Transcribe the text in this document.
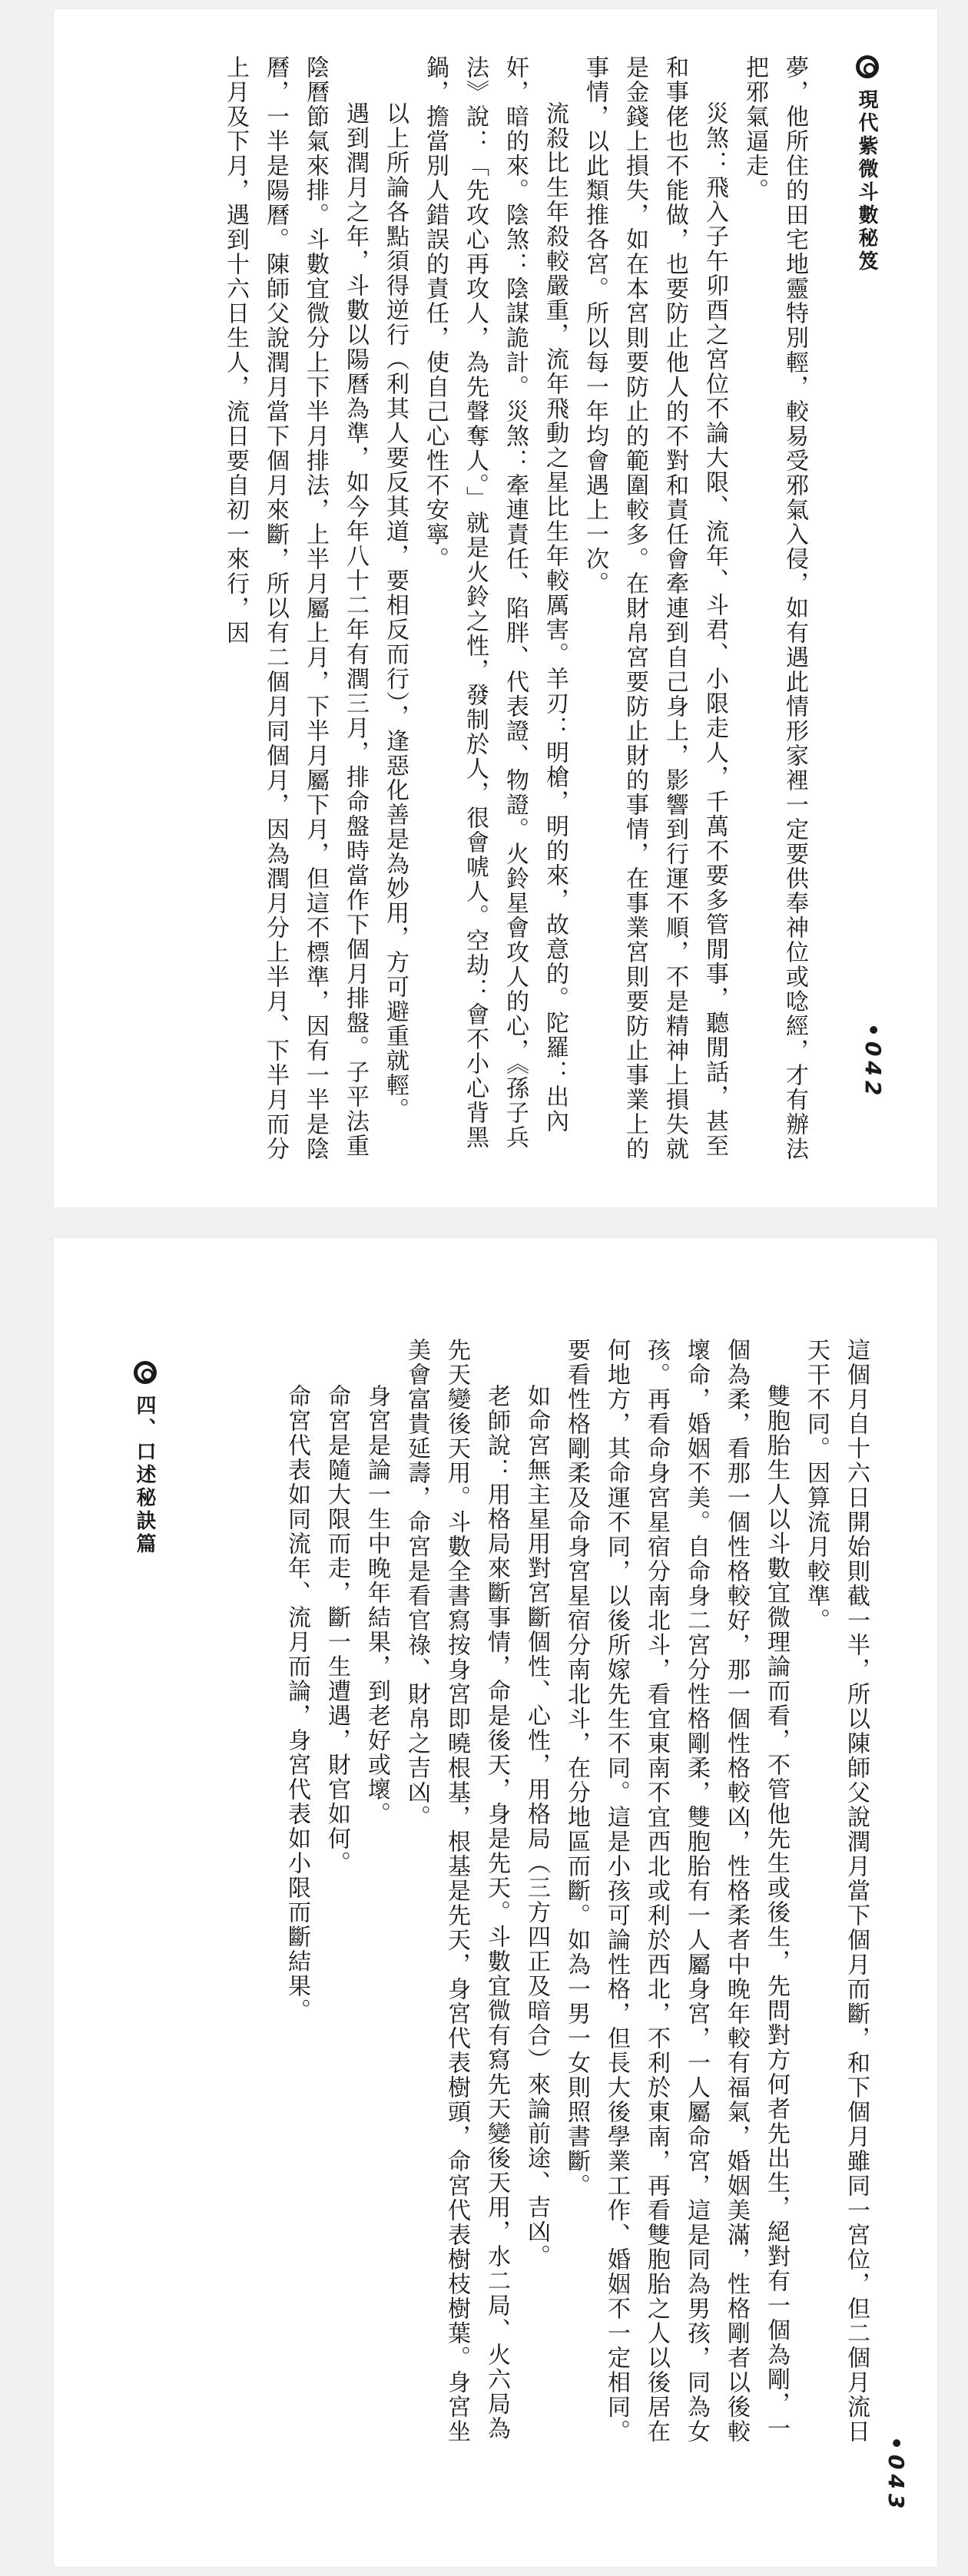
現代紫微斗數秘笈

夢，他所住的田宅地靈特別輕，較易受邪氣入侵，如有遇此情形家裡一定要供奉神位或唸經，才有辦法把邪氣逼走。

災煞：飛入子午卯酉之宮位不論大限、流年、斗君、小限走人，千萬不要多管閒事，聽閒話，甚至和事佬也不能做，也要防止他人的不對和責任會牽連到自己身上，影響到行運不順，不是精神上損失就是金錢上損失，如在本宮則要防止的範圍較多。在財帛宮要防止財的事情，在事業宮則要防止事業上的事情，以此類推各宮。所以每一年均會遇上一次。

流殺比生年殺較嚴重，流年飛動之星比生年較厲害。羊刃：明槍，明的來，故意的。陀羅：出內奸，暗的來。陰煞：陰謀詭計。災煞：牽連責任、陷胖、代表證、物證。火鈴星會攻人的心，《孫子兵法》說：「先攻心再攻人，為先聲奪人。」就是火鈴之性，發制於人，很會唬人。空劫：會不小心背黑鍋，擔當別人錯誤的責任，使自己心性不安寧。

以上所論各點須得逆行（利其人要反其道，要相反而行），逢惡化善是為妙用，方可避重就輕。

遇到潤月之年，斗數以陽曆為準，如今年八十二年有潤三月，排命盤時當作下個月排盤。子平法重陰曆節氣來排。斗數宜微分上下半月排法，上半月屬上月，下半月屬下月，但這不標準，因有一半是陰曆，一半是陽曆。陳師父說潤月當下個月來斷，所以有二個月同個月，因為潤月分上半月、下半月而分上月及下月，遇到十六日生人，流日要自初一來行，因

•042
四、口述秘訣篇	這個月自十六日開始則截一半，所以陳師父說潤月當下個月而斷，和下個月雖同一宮位，但二個月流日天干不同。因算流月較準。

雙胞胎生人以斗數宜微理論而看，不管他先生或後生，先問對方何者先出生，絕對有一個為剛，一個為柔，看那一個性格較好，那一個性格較凶，性格柔者中晚年較有福氣，婚姻美滿，性格剛者以後較壞命，婚姻不美。自命身二宮分性格剛柔，雙胞胎有一人屬身宮，一人屬命宮，這是同為男孩，同為女孩。再看命身宮星宿分南北斗，看宜東南不宜西北或利於西北，不利於東南，再看雙胞胎之人以後居在何地方，其命運不同，以後所嫁先生不同。這是小孩可論性格，但長大後學業工作、婚姻不一定相同。要看性格剛柔及命身宮星宿分南北斗，在分地區而斷。如為一男一女則照書斷。

如命宮無主星用對宮斷個性、心性，用格局（三方四正及暗合）來論前途、吉凶。

老師說：用格局來斷事情，命是後天，身是先天。斗數宜微有寫先天變後天用，水二局、火六局為先天變後天用。斗數全書寫按身宮即曉根基，根基是先天，身宮代表樹頭，命宮代表樹枝樹葉。身宮坐美會富貴延壽，命宮是看官祿、財帛之吉凶。

身宮是論一生中晚年結果，到老好或壞。

命宮是隨大限而走，斷一生遭遇，財官如何。

命宮代表如同流年、流月而論，身宮代表如小限而斷結果。

•043
